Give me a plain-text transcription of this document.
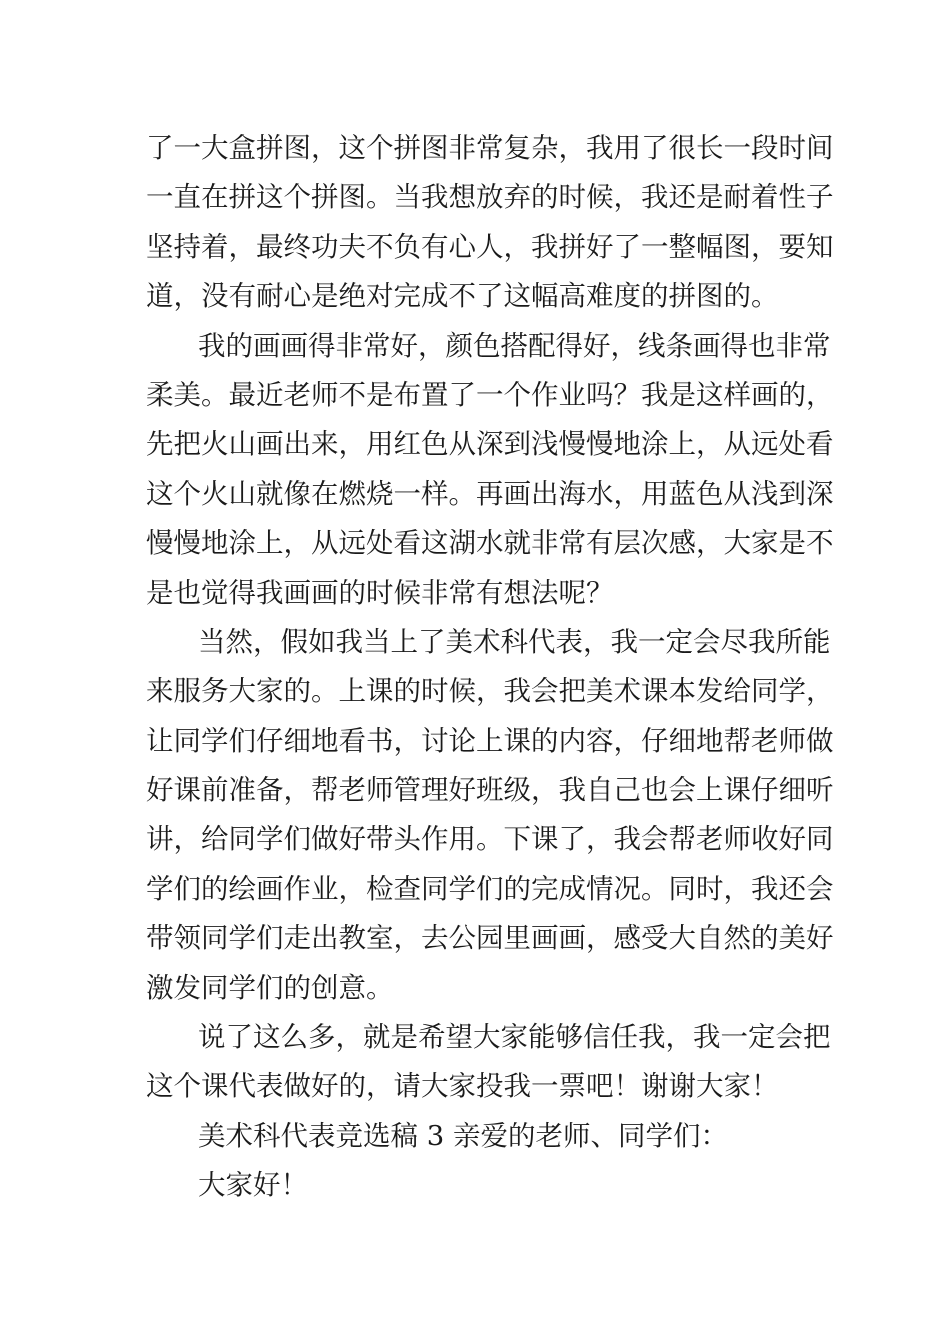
了一大盒拼图，这个拼图非常复杂，我用了很长一段时间
一直在拼这个拼图。当我想放弃的时候，我还是耐着性子
坚持着，最终功夫不负有心人，我拼好了一整幅图，要知
道，没有耐心是绝对完成不了这幅高难度的拼图的。
我的画画得非常好，颜色搭配得好，线条画得也非常
柔美。最近老师不是布置了一个作业吗？我是这样画的，
先把火山画出来，用红色从深到浅慢慢地涂上，从远处看
这个火山就像在燃烧一样。再画出海水，用蓝色从浅到深
慢慢地涂上，从远处看这湖水就非常有层次感，大家是不
是也觉得我画画的时候非常有想法呢？
当然，假如我当上了美术科代表，我一定会尽我所能
来服务大家的。上课的时候，我会把美术课本发给同学，
让同学们仔细地看书，讨论上课的内容，仔细地帮老师做
好课前准备，帮老师管理好班级，我自己也会上课仔细听
讲，给同学们做好带头作用。下课了，我会帮老师收好同
学们的绘画作业，检查同学们的完成情况。同时，我还会
带领同学们走出教室，去公园里画画，感受大自然的美好
激发同学们的创意。
说了这么多，就是希望大家能够信任我，我一定会把
这个课代表做好的，请大家投我一票吧！谢谢大家！
美术科代表竞选稿 3 亲爱的老师、同学们：
大家好！
